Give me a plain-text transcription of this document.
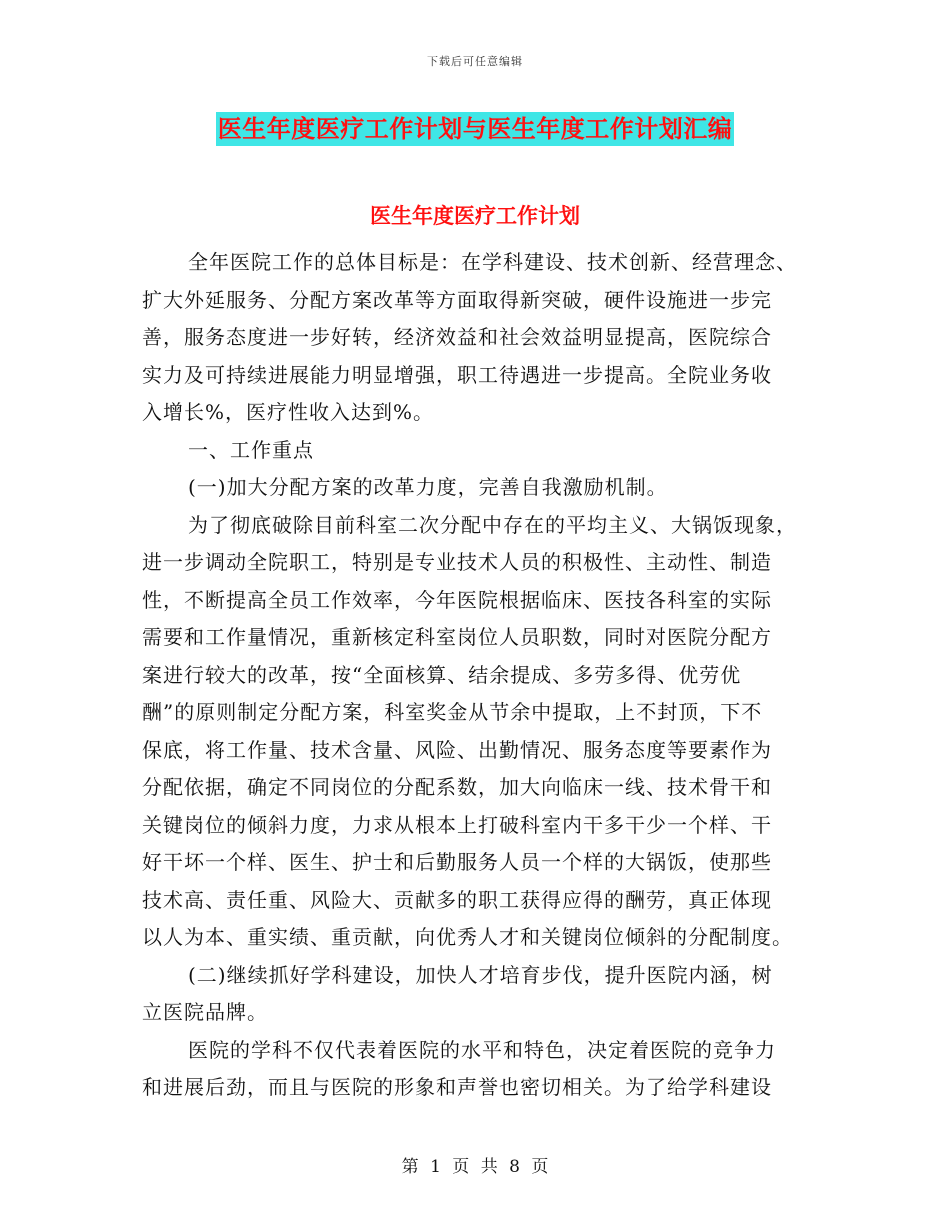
下载后可任意编辑
医生年度医疗工作计划与医生年度工作计划汇编
医生年度医疗工作计划
全年医院工作的总体目标是：在学科建设、技术创新、经营理念、
扩大外延服务、分配方案改革等方面取得新突破，硬件设施进一步完
善，服务态度进一步好转，经济效益和社会效益明显提高，医院综合
实力及可持续进展能力明显增强，职工待遇进一步提高。全院业务收
入增长%，医疗性收入达到%。
一、工作重点
(一)加大分配方案的改革力度，完善自我激励机制。
为了彻底破除目前科室二次分配中存在的平均主义、大锅饭现象，
进一步调动全院职工，特别是专业技术人员的积极性、主动性、制造
性，不断提高全员工作效率，今年医院根据临床、医技各科室的实际
需要和工作量情况，重新核定科室岗位人员职数，同时对医院分配方
案进行较大的改革，按“全面核算、结余提成、多劳多得、优劳优
酬”的原则制定分配方案，科室奖金从节余中提取，上不封顶，下不
保底，将工作量、技术含量、风险、出勤情况、服务态度等要素作为
分配依据，确定不同岗位的分配系数，加大向临床一线、技术骨干和
关键岗位的倾斜力度，力求从根本上打破科室内干多干少一个样、干
好干坏一个样、医生、护士和后勤服务人员一个样的大锅饭，使那些
技术高、责任重、风险大、贡献多的职工获得应得的酬劳，真正体现
以人为本、重实绩、重贡献，向优秀人才和关键岗位倾斜的分配制度。
(二)继续抓好学科建设，加快人才培育步伐，提升医院内涵，树
立医院品牌。
医院的学科不仅代表着医院的水平和特色，决定着医院的竞争力
和进展后劲，而且与医院的形象和声誉也密切相关。为了给学科建设
第 1 页 共 8 页
